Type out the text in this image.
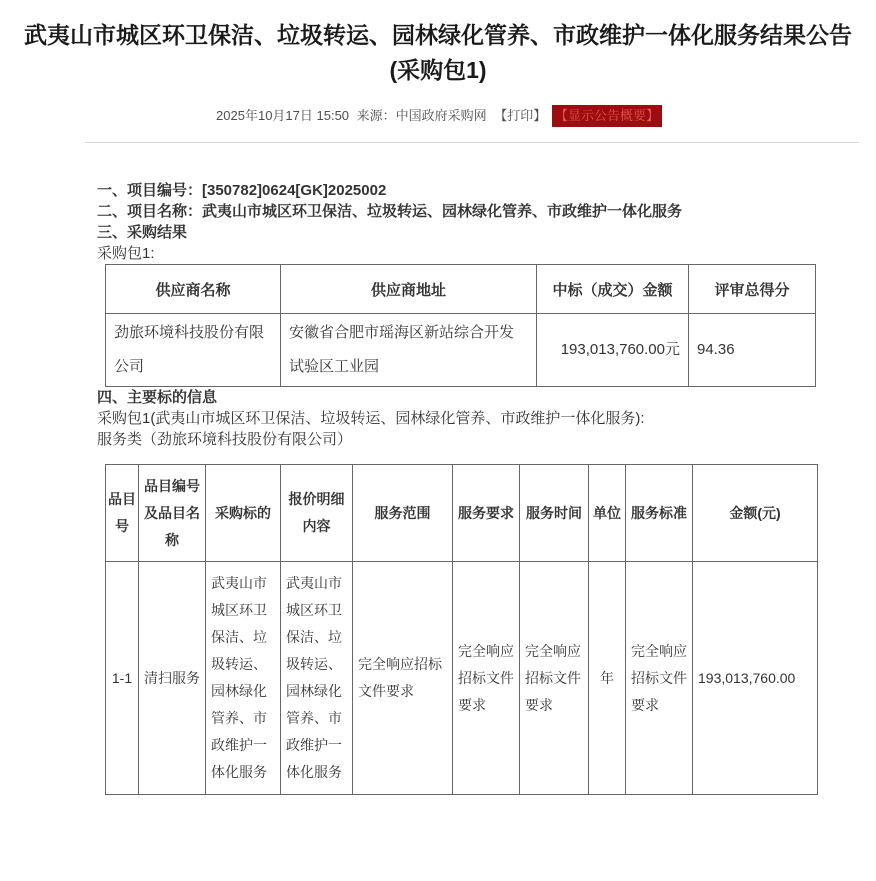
武夷山市城区环卫保洁、垃圾转运、园林绿化管养、市政维护一体化服务结果公告
(采购包1)
2025年10月17日 15:50 来源：中国政府采购网 【打印】 【显示公告概要】

一、项目编号：[350782]0624[GK]2025002

二、项目名称：武夷山市城区环卫保洁、垃圾转运、园林绿化管养、市政维护一体化服务

三、采购结果

采购包1:

供应商名称	供应商地址	中标（成交）金额	评审总得分
劲旅环境科技股份有限公司	安徽省合肥市瑶海区新站综合开发试验区工业园	193,013,760.00元	94.36

四、主要标的信息

采购包1(武夷山市城区环卫保洁、垃圾转运、园林绿化管养、市政维护一体化服务):

服务类（劲旅环境科技股份有限公司）

品目号	品目编号及品目名称	采购标的	报价明细内容	服务范围	服务要求	服务时间	单位	服务标准	金额(元)
1-1	清扫服务	武夷山市城区环卫保洁、垃圾转运、园林绿化管养、市政维护一体化服务	武夷山市城区环卫保洁、垃圾转运、园林绿化管养、市政维护一体化服务	完全响应招标文件要求	完全响应招标文件要求	完全响应招标文件要求	年	完全响应招标文件要求	193,013,760.00
